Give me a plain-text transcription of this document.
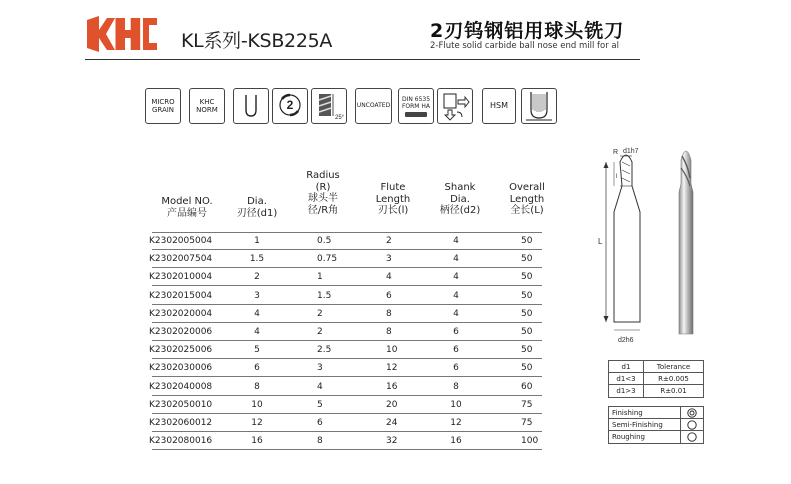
KL系列-KSB225A	2刃钨钢铝用球头铣刀
2-Flute solid carbide ball nose end mill for al
MICRO
GRAIN
KHC
NORM	2
25°
UNCOATED
DIN 6535
FORM HA	HSM
Model NO.
产品编号
Dia.
刃径(d1)
Radius
(R)
球头半
径/R角
Flute
Length
刃长(l)
Shank
Dia.
柄径(d2)
Overall
Length
全长(L)
K2302005004	1	0.5	2	4	50
K2302007504	1.5	0.75	3	4	50
K2302010004	2	1	4	4	50
K2302015004	3	1.5	6	4	50
K2302020004	4	2	8	4	50
K2302020006	4	2	8	6	50
K2302025006	5	2.5	10	6	50
K2302030006	6	3	12	6	50
K2302040008	8	4	16	8	60
K2302050010	10	5	20	10	75
K2302060012	12	6	24	12	75
K2302080016	16	8	32	16	100
L
l
R d1h7
d2h6
d1	Tolerance
d1<3	R±0.005
d1>3	R±0.01
Finishing
Semi-Finishing
Roughing
